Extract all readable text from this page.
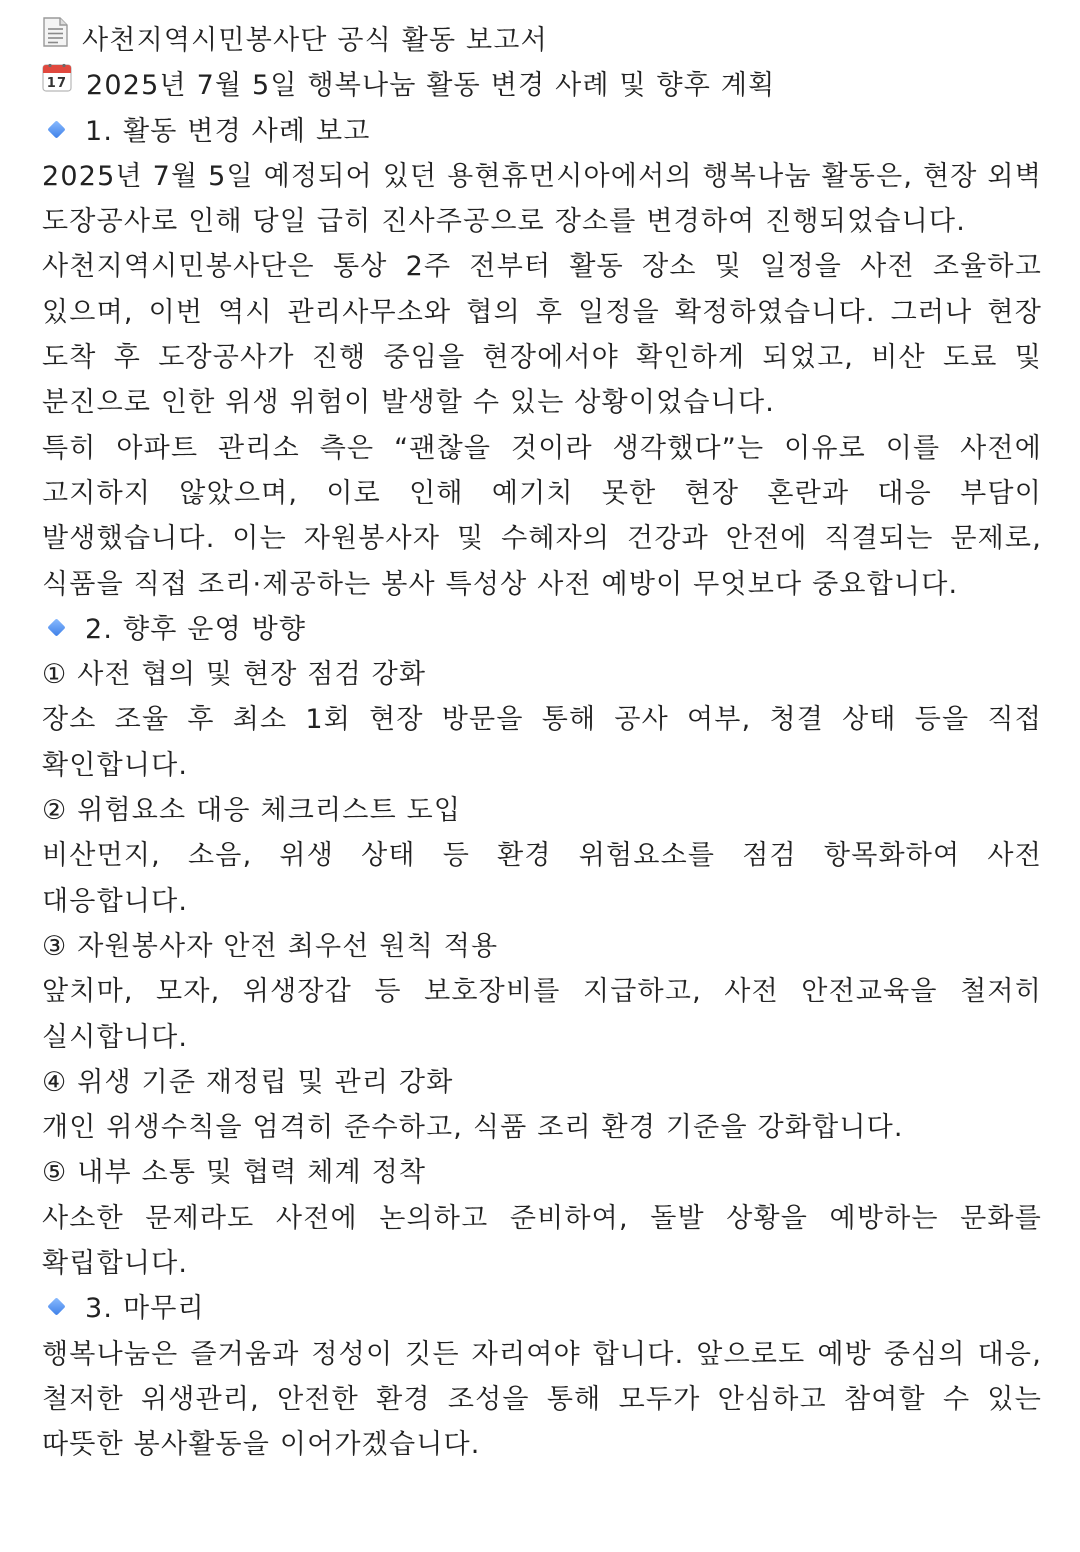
사천지역시민봉사단 공식 활동 보고서
17 2025년 7월 5일 행복나눔 활동 변경 사례 및 향후 계획
1. 활동 변경 사례 보고
2025년 7월 5일 예정되어 있던 용현휴먼시아에서의 행복나눔 활동은, 현장 외벽 도장공사로 인해 당일 급히 진사주공으로 장소를 변경하여 진행되었습니다.
사천지역시민봉사단은 통상 2주 전부터 활동 장소 및 일정을 사전 조율하고 있으며, 이번 역시 관리사무소와 협의 후 일정을 확정하였습니다. 그러나 현장 도착 후 도장공사가 진행 중임을 현장에서야 확인하게 되었고, 비산 도료 및 분진으로 인한 위생 위험이 발생할 수 있는 상황이었습니다.
특히 아파트 관리소 측은 “괜찮을 것이라 생각했다”는 이유로 이를 사전에 고지하지 않았으며, 이로 인해 예기치 못한 현장 혼란과 대응 부담이 발생했습니다. 이는 자원봉사자 및 수혜자의 건강과 안전에 직결되는 문제로, 식품을 직접 조리·제공하는 봉사 특성상 사전 예방이 무엇보다 중요합니다.
2. 향후 운영 방향
① 사전 협의 및 현장 점검 강화
장소 조율 후 최소 1회 현장 방문을 통해 공사 여부, 청결 상태 등을 직접 확인합니다.
② 위험요소 대응 체크리스트 도입
비산먼지, 소음, 위생 상태 등 환경 위험요소를 점검 항목화하여 사전 대응합니다.
③ 자원봉사자 안전 최우선 원칙 적용
앞치마, 모자, 위생장갑 등 보호장비를 지급하고, 사전 안전교육을 철저히 실시합니다.
④ 위생 기준 재정립 및 관리 강화
개인 위생수칙을 엄격히 준수하고, 식품 조리 환경 기준을 강화합니다.
⑤ 내부 소통 및 협력 체계 정착
사소한 문제라도 사전에 논의하고 준비하여, 돌발 상황을 예방하는 문화를 확립합니다.
3. 마무리
행복나눔은 즐거움과 정성이 깃든 자리여야 합니다. 앞으로도 예방 중심의 대응, 철저한 위생관리, 안전한 환경 조성을 통해 모두가 안심하고 참여할 수 있는 따뜻한 봉사활동을 이어가겠습니다.
